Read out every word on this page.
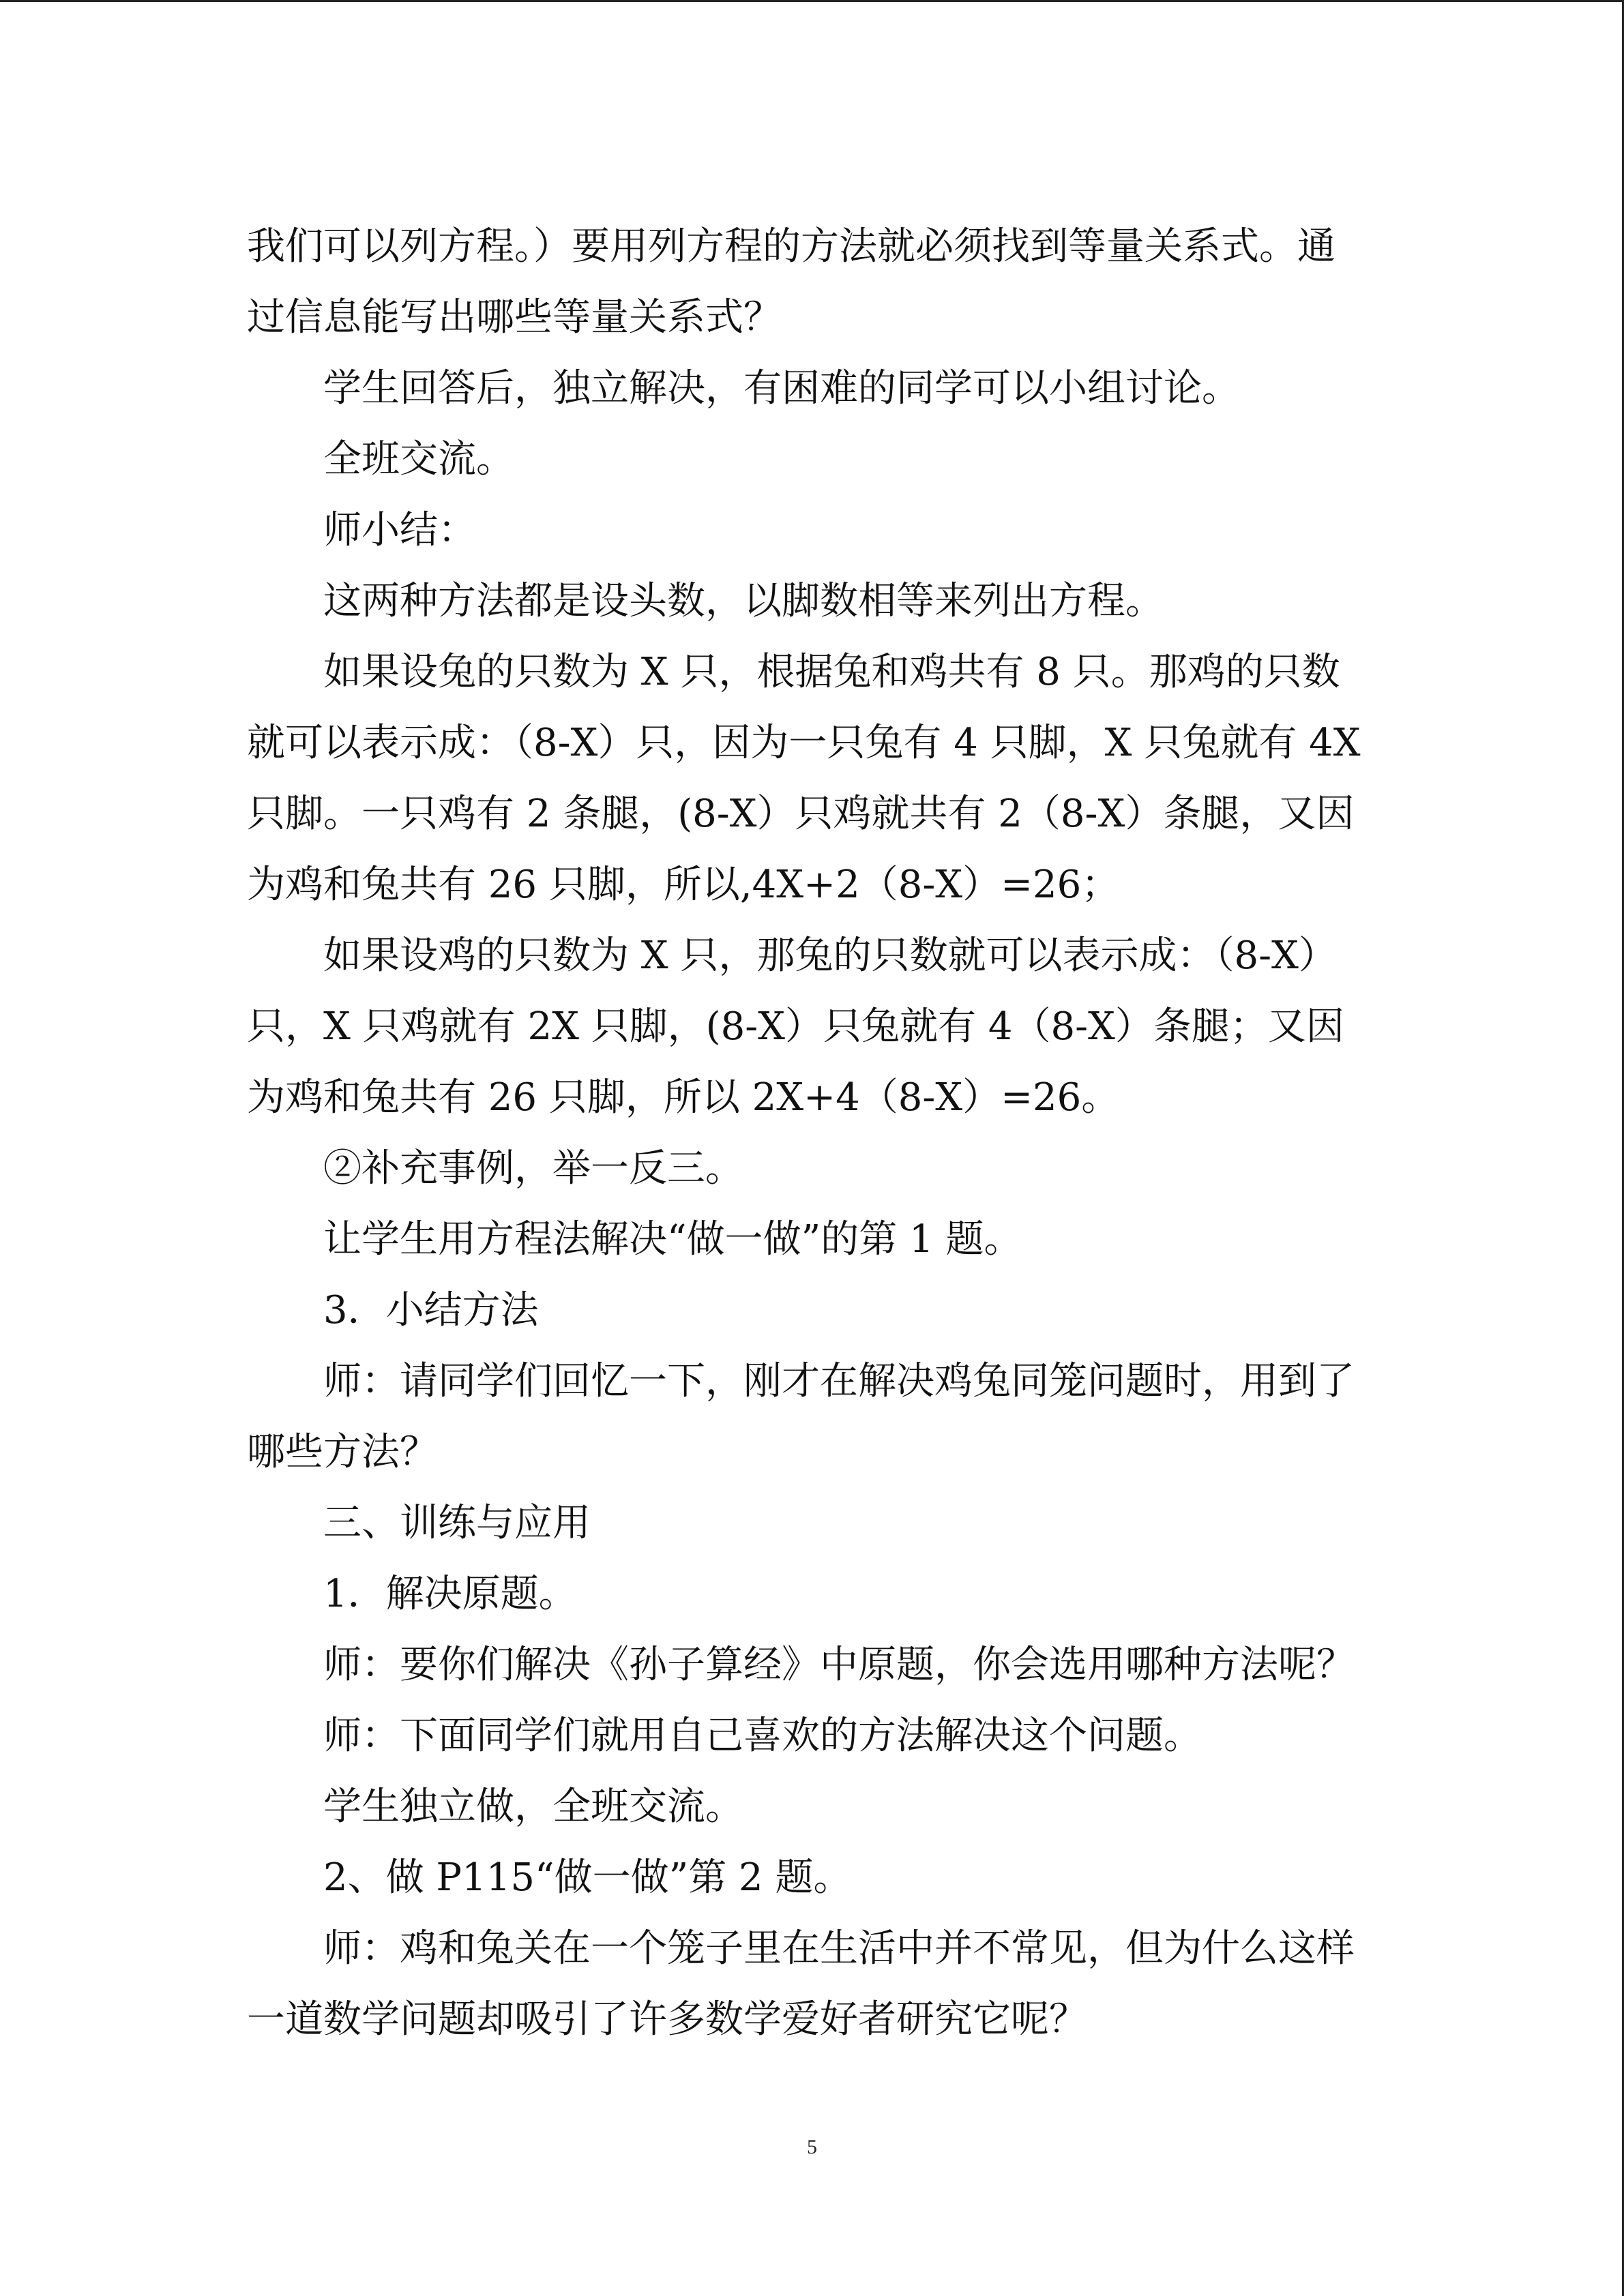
我们可以列方程。）要用列方程的方法就必须找到等量关系式。通过信息能写出哪些等量关系式？

学生回答后，独立解决，有困难的同学可以小组讨论。

全班交流。

师小结：

这两种方法都是设头数，以脚数相等来列出方程。

如果设兔的只数为 X 只，根据兔和鸡共有 8 只。那鸡的只数就可以表示成：（8-X）只，因为一只兔有 4 只脚，X 只兔就有 4X 只脚。一只鸡有 2 条腿，(8-X）只鸡就共有 2（8-X）条腿，又因为鸡和兔共有 26 只脚，所以,4X+2（8-X）=26；

如果设鸡的只数为 X 只，那兔的只数就可以表示成：（8-X）只，X 只鸡就有 2X 只脚，(8-X）只兔就有 4（8-X）条腿；又因为鸡和兔共有 26 只脚，所以 2X+4（8-X）=26。

②补充事例，举一反三。

让学生用方程法解决“做一做”的第 1 题。

3．小结方法

师：请同学们回忆一下，刚才在解决鸡兔同笼问题时，用到了哪些方法？

三、训练与应用

1．解决原题。

师：要你们解决《孙子算经》中原题，你会选用哪种方法呢？

师：下面同学们就用自己喜欢的方法解决这个问题。

学生独立做，全班交流。

2、做 P115“做一做”第 2 题。

师：鸡和兔关在一个笼子里在生活中并不常见，但为什么这样一道数学问题却吸引了许多数学爱好者研究它呢？

5
